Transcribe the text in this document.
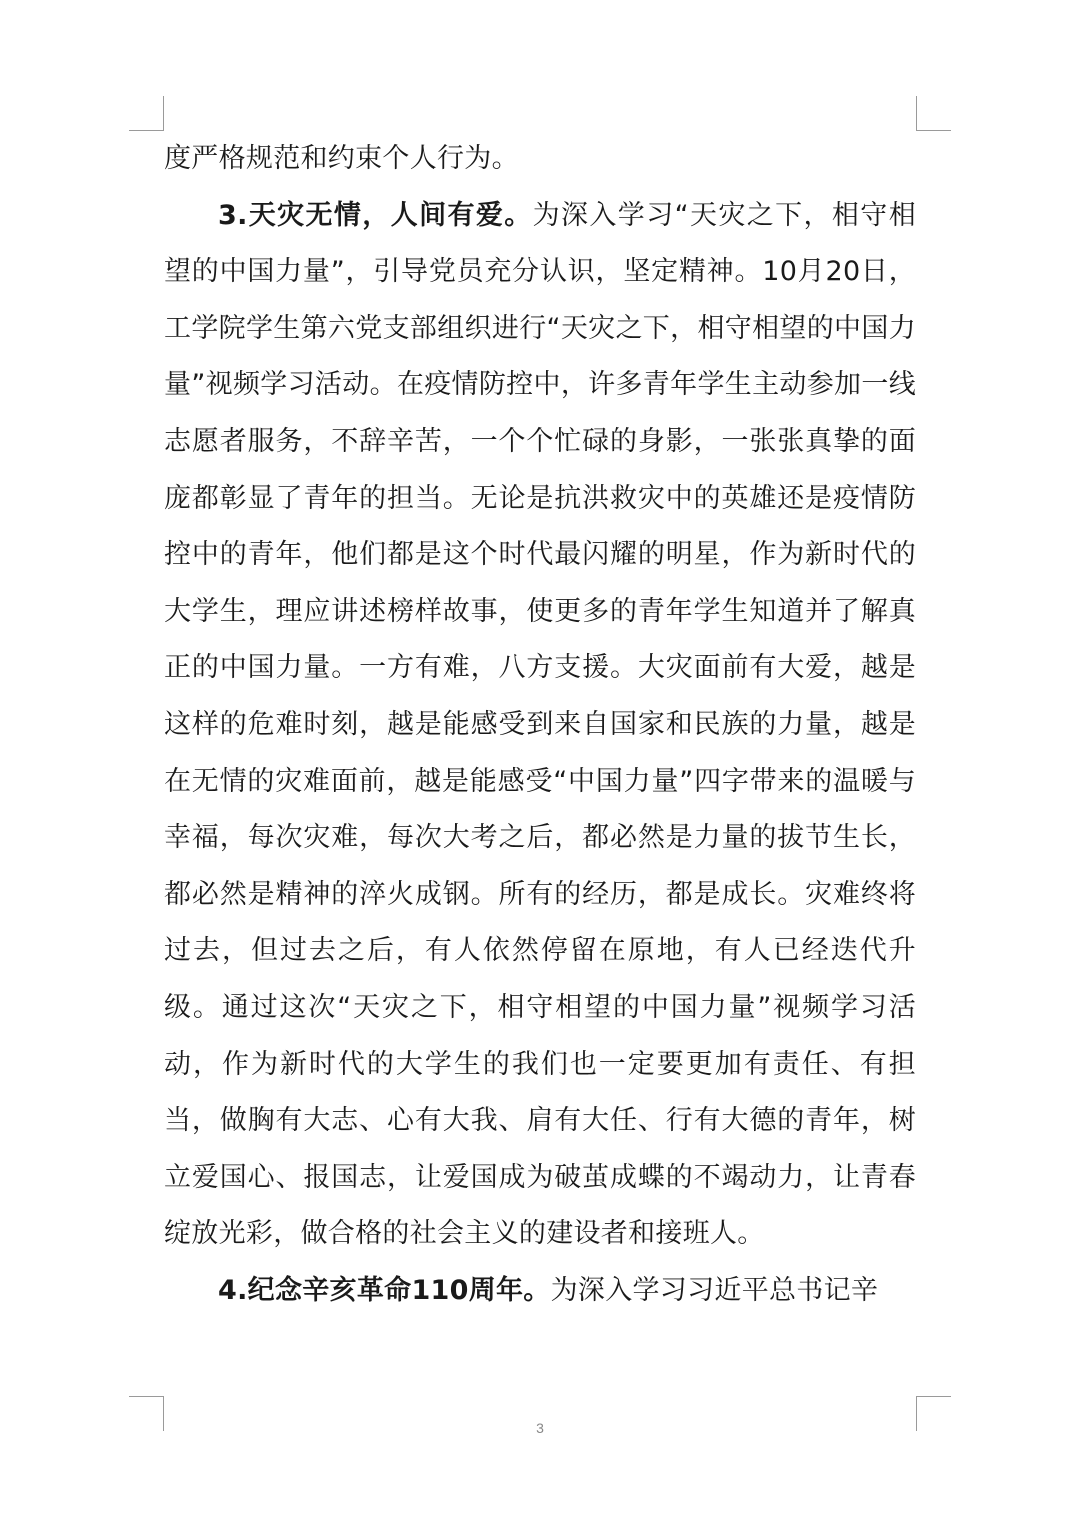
度严格规范和约束个人行为。

3.天灾无情，人间有爱。为深入学习“天灾之下，相守相望的中国力量”，引导党员充分认识，坚定精神。10月20日，工学院学生第六党支部组织进行“天灾之下，相守相望的中国力量”视频学习活动。在疫情防控中，许多青年学生主动参加一线志愿者服务，不辞辛苦，一个个忙碌的身影，一张张真挚的面庞都彰显了青年的担当。无论是抗洪救灾中的英雄还是疫情防控中的青年，他们都是这个时代最闪耀的明星，作为新时代的大学生，理应讲述榜样故事，使更多的青年学生知道并了解真正的中国力量。一方有难，八方支援。大灾面前有大爱，越是这样的危难时刻，越是能感受到来自国家和民族的力量，越是在无情的灾难面前，越是能感受“中国力量”四字带来的温暖与幸福，每次灾难，每次大考之后，都必然是力量的拔节生长，都必然是精神的淬火成钢。所有的经历，都是成长。灾难终将过去，但过去之后，有人依然停留在原地，有人已经迭代升级。通过这次“天灾之下，相守相望的中国力量”视频学习活动，作为新时代的大学生的我们也一定要更加有责任、有担当，做胸有大志、心有大我、肩有大任、行有大德的青年，树立爱国心、报国志，让爱国成为破茧成蝶的不竭动力，让青春绽放光彩，做合格的社会主义的建设者和接班人。

4.纪念辛亥革命110周年。为深入学习习近平总书记辛

3
